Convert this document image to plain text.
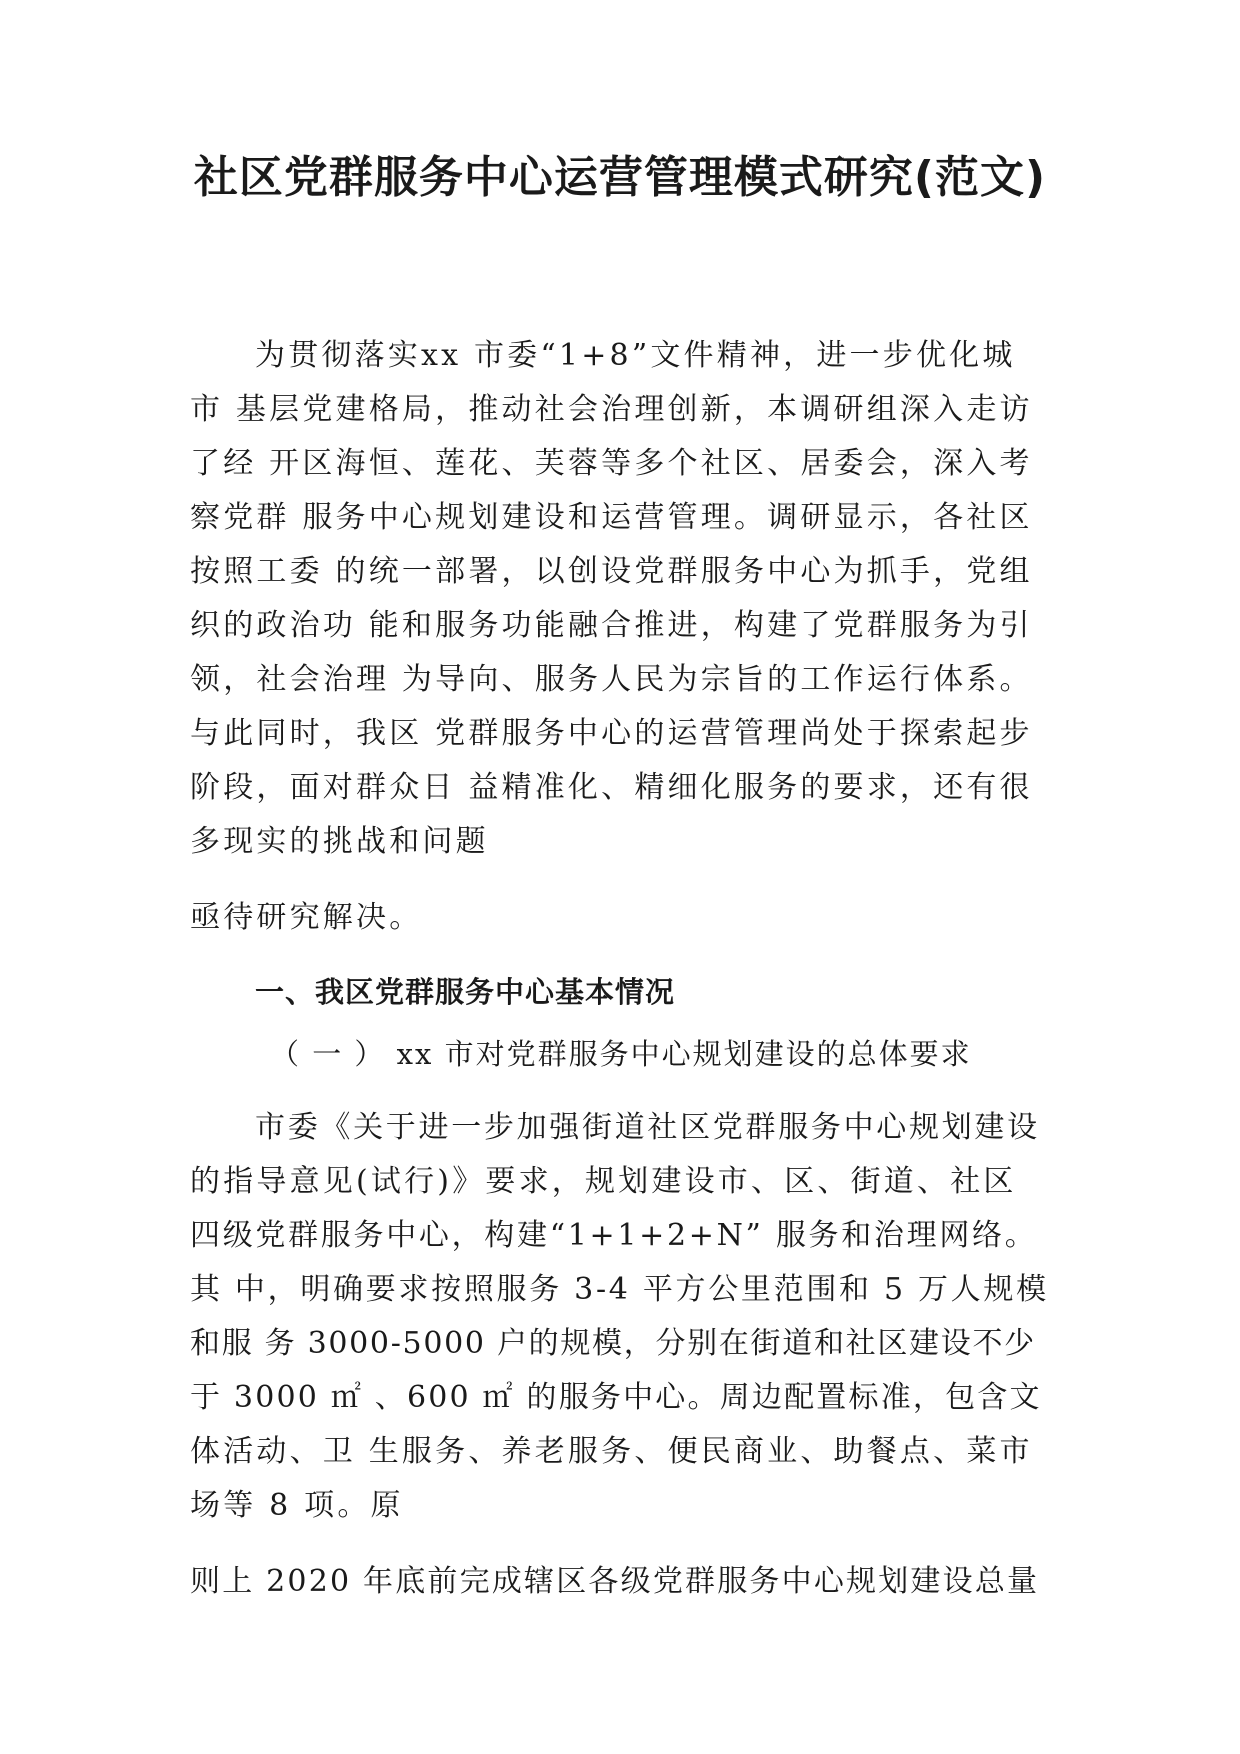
社区党群服务中心运营管理模式研究(范文)

为贯彻落实xx 市委“1+8”文件精神，进一步优化城

市 基层党建格局，推动社会治理创新，本调研组深入走访

了经 开区海恒、莲花、芙蓉等多个社区、居委会，深入考

察党群 服务中心规划建设和运营管理。调研显示，各社区

按照工委 的统一部署，以创设党群服务中心为抓手，党组

织的政治功 能和服务功能融合推进，构建了党群服务为引

领，社会治理 为导向、服务人民为宗旨的工作运行体系。

与此同时，我区 党群服务中心的运营管理尚处于探索起步

阶段，面对群众日 益精准化、精细化服务的要求，还有很

多现实的挑战和问题

亟待研究解决。

一、我区党群服务中心基本情况

（ 一 ） xx 市对党群服务中心规划建设的总体要求

市委《关于进一步加强街道社区党群服务中心规划建设

的指导意见(试行)》要求，规划建设市、区、街道、社区

四级党群服务中心，构建“1+1+2+N” 服务和治理网络。

其 中，明确要求按照服务 3-4 平方公里范围和 5 万人规模

和服 务 3000-5000 户的规模，分别在街道和社区建设不少

于 3000 ㎡ 、600 ㎡ 的服务中心。周边配置标准，包含文

体活动、卫 生服务、养老服务、便民商业、助餐点、菜市

场等 8 项。原

则上 2020 年底前完成辖区各级党群服务中心规划建设总量
